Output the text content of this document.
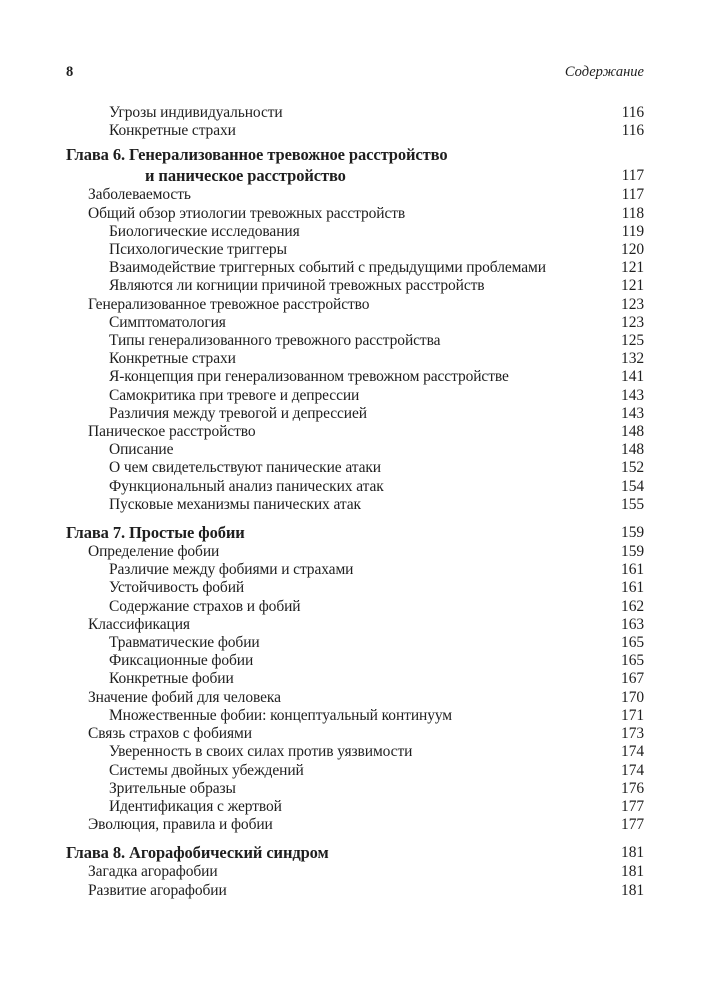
8	Содержание
Угрозы индивидуальности	116
Конкретные страхи	116
Глава 6. Генерализованное тревожное расстройство
и паническое расстройство	117
Заболеваемость	117
Общий обзор этиологии тревожных расстройств	118
Биологические исследования	119
Психологические триггеры	120
Взаимодействие триггерных событий с предыдущими проблемами	121
Являются ли когниции причиной тревожных расстройств	121
Генерализованное тревожное расстройство	123
Симптоматология	123
Типы генерализованного тревожного расстройства	125
Конкретные страхи	132
Я-концепция при генерализованном тревожном расстройстве	141
Самокритика при тревоге и депрессии	143
Различия между тревогой и депрессией	143
Паническое расстройство	148
Описание	148
О чем свидетельствуют панические атаки	152
Функциональный анализ панических атак	154
Пусковые механизмы панических атак	155
Глава 7. Простые фобии	159
Определение фобии	159
Различие между фобиями и страхами	161
Устойчивость фобий	161
Содержание страхов и фобий	162
Классификация	163
Травматические фобии	165
Фиксационные фобии	165
Конкретные фобии	167
Значение фобий для человека	170
Множественные фобии: концептуальный континуум	171
Связь страхов с фобиями	173
Уверенность в своих силах против уязвимости	174
Системы двойных убеждений	174
Зрительные образы	176
Идентификация с жертвой	177
Эволюция, правила и фобии	177
Глава 8. Агорафобический синдром	181
Загадка агорафобии	181
Развитие агорафобии	181
